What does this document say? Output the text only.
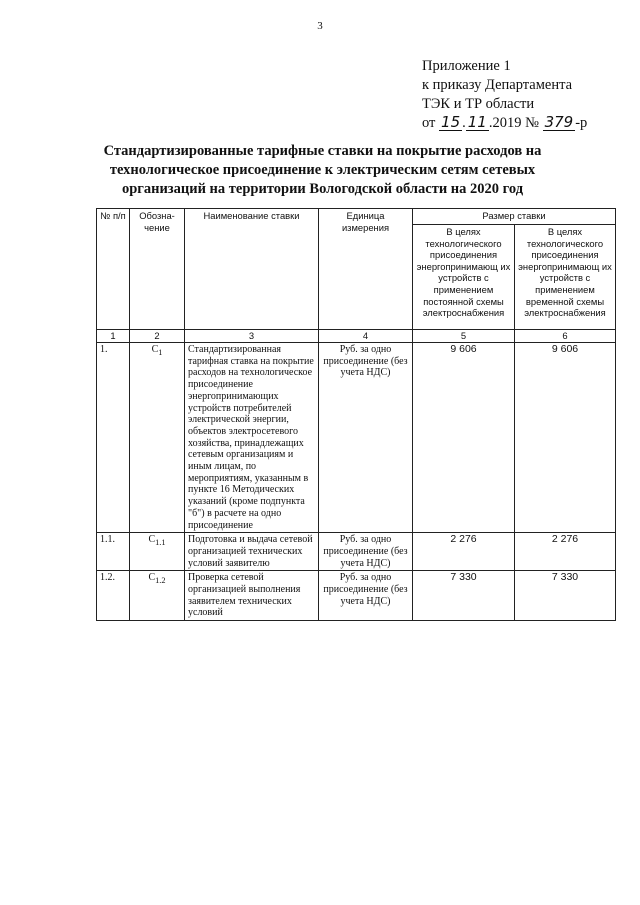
3
Приложение 1
к приказу Департамента
ТЭК и ТР области
от 15 . 11 .2019 № 379 -р
Стандартизированные тарифные ставки на покрытие расходов на технологическое присоединение к электрическим сетям сетевых организаций на территории Вологодской области на 2020 год
№ п/п	Обозна-чение	Наименование ставки	Единица измерения	Размер ставки	
				В целях технологического присоединения энергопринимающ их устройств с применением постоянной схемы электроснабжения	В целях технологического присоединения энергопринимающ их устройств с применением временной схемы электроснабжения
1	2	3	4	5	6
1.	$C_1$	Стандартизированная тарифная ставка на покрытие расходов на технологическое присоединение энергопринимающих устройств потребителей электрической энергии, объектов электросетевого хозяйства, принадлежащих сетевым организациям и иным лицам, по мероприятиям, указанным в пункте 16 Методических указаний (кроме подпункта "б") в расчете на одно присоединение	Руб. за одно присоединение (без учета НДС)	9 606	9 606
1.1.	$C_{1.1}$	Подготовка и выдача сетевой организацией технических условий заявителю	Руб. за одно присоединение (без учета НДС)	2 276	2 276
1.2.	$C_{1.2}$	Проверка сетевой организацией выполнения заявителем технических условий	Руб. за одно присоединение (без учета НДС)	7 330	7 330
